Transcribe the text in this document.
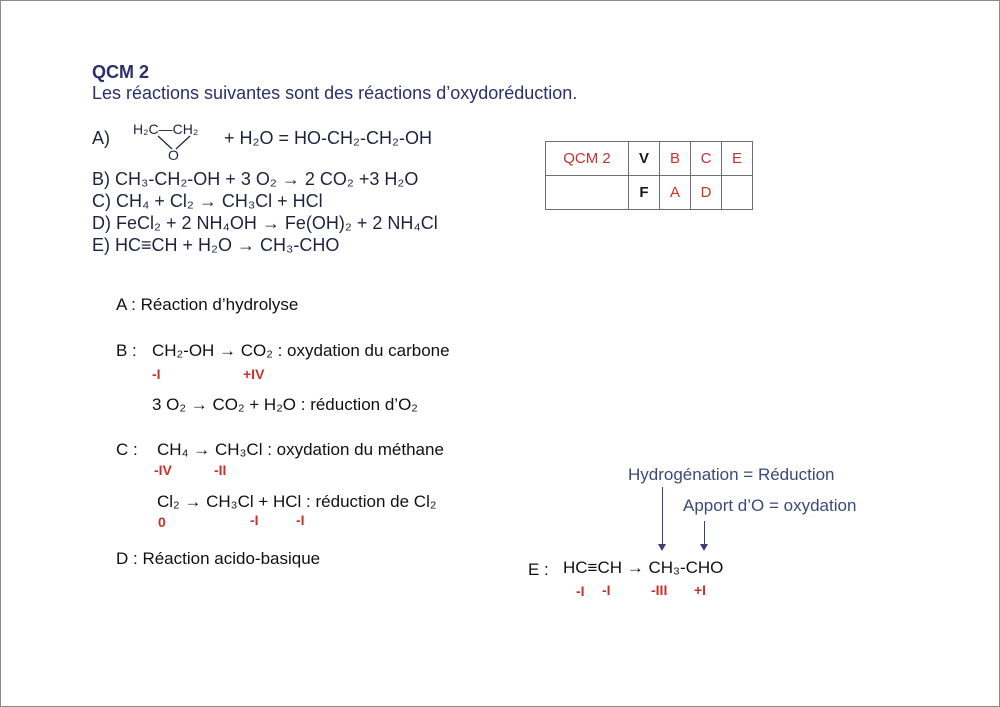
QCM 2
Les réactions suivantes sont des réactions d’oxydoréduction.
A) H₂C—CH₂
O
+ H₂O = HO-CH₂-CH₂-OH
B) CH₃-CH₂-OH + 3 O₂ → 2 CO₂ +3 H₂O
C) CH₄ + Cl₂ → CH₃Cl + HCl
D) FeCl₂ + 2 NH₄OH → Fe(OH)₂ + 2 NH₄Cl
E) HC≡CH + H₂O → CH₃-CHO
QCM 2	V	B	C	E
	F	A	D	
A : Réaction d’hydrolyse
B : CH₂-OH → CO₂ : oxydation du carbone
-I	+IV
3 O₂ → CO₂ + H₂O : réduction d’O₂
C : CH₄ → CH₃Cl : oxydation du méthane
-IV	-II
Cl₂ → CH₃Cl + HCl : réduction de Cl₂
0	-I	-I
D : Réaction acido-basique
Hydrogénation = Réduction
Apport d’O = oxydation
E : HC≡CH → CH₃-CHO
-I -I	-III +I
